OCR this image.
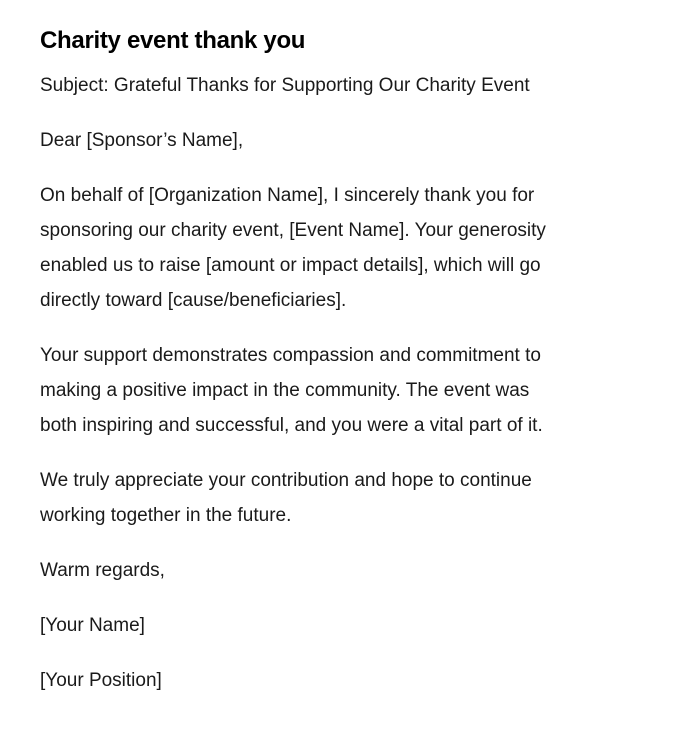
Charity event thank you

Subject: Grateful Thanks for Supporting Our Charity Event

Dear [Sponsor’s Name],

On behalf of [Organization Name], I sincerely thank you for

sponsoring our charity event, [Event Name]. Your generosity

enabled us to raise [amount or impact details], which will go

directly toward [cause/beneficiaries].

Your support demonstrates compassion and commitment to

making a positive impact in the community. The event was

both inspiring and successful, and you were a vital part of it.

We truly appreciate your contribution and hope to continue

working together in the future.

Warm regards,

[Your Name]

[Your Position]
